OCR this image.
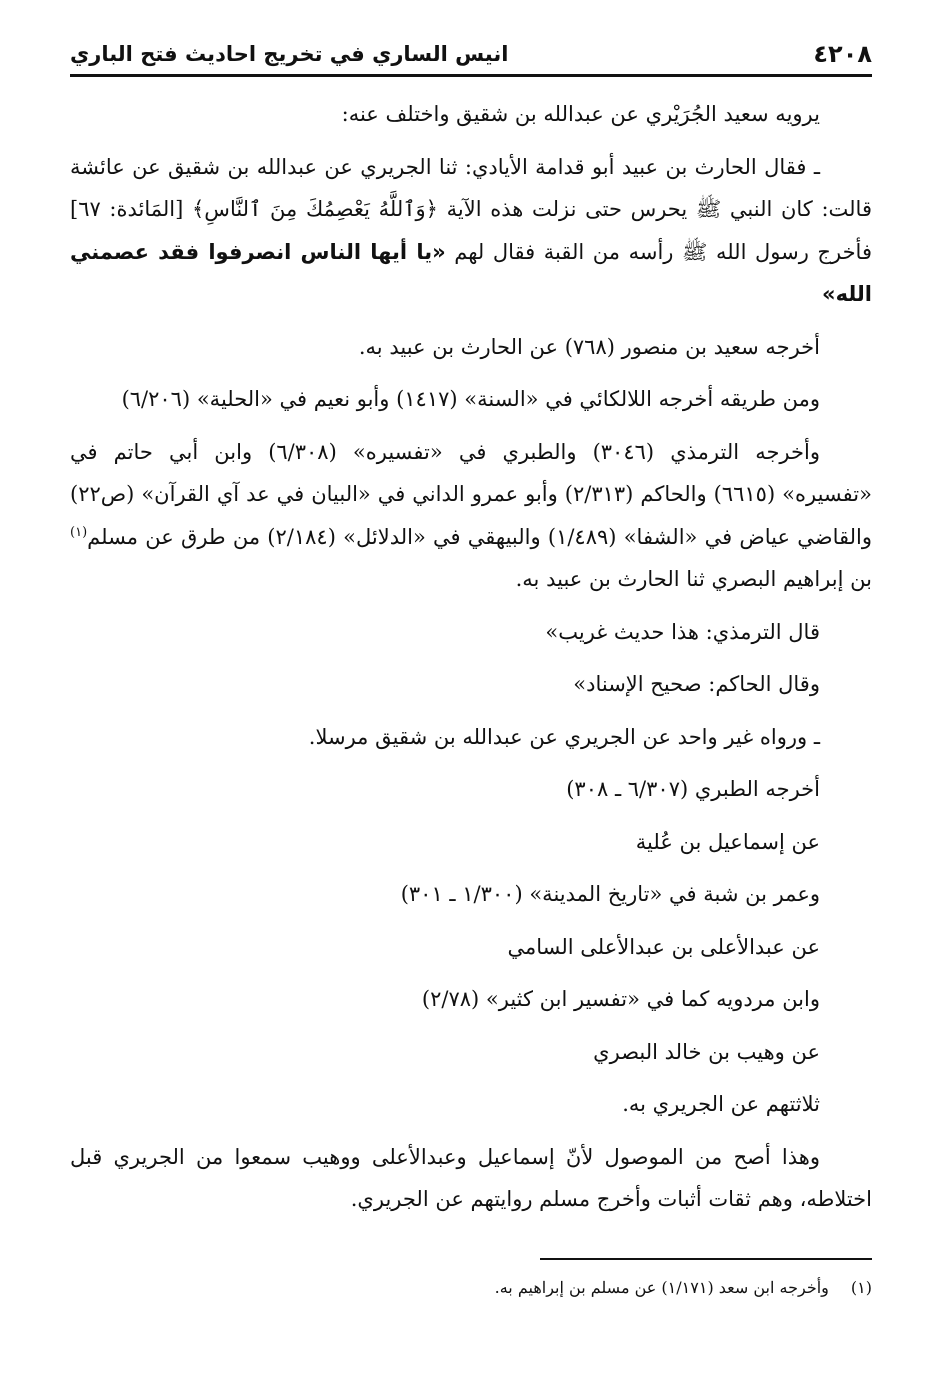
٤٢٠٨
انيس الساري في تخريج احاديث فتح الباري

يرويه سعيد الجُرَيْري عن عبدالله بن شقيق واختلف عنه:

ـ فقال الحارث بن عبيد أبو قدامة الأيادي: ثنا الجريري عن عبدالله بن شقيق عن عائشة قالت: كان النبي ﷺ يحرس حتى نزلت هذه الآية ﴿وَٱللَّهُ يَعْصِمُكَ مِنَ ٱلنَّاسِ﴾ [المَائدة: ٦٧] فأخرج رسول الله ﷺ رأسه من القبة فقال لهم «يا أيها الناس انصرفوا فقد عصمني الله»

أخرجه سعيد بن منصور (٧٦٨) عن الحارث بن عبيد به.

ومن طريقه أخرجه اللالكائي في «السنة» (١٤١٧) وأبو نعيم في «الحلية» (٦/٢٠٦)

وأخرجه الترمذي (٣٠٤٦) والطبري في «تفسيره» (٦/٣٠٨) وابن أبي حاتم في «تفسيره» (٦٦١٥) والحاكم (٢/٣١٣) وأبو عمرو الداني في «البيان في عد آي القرآن» (ص٢٢) والقاضي عياض في «الشفا» (١/٤٨٩) والبيهقي في «الدلائل» (٢/١٨٤) من طرق عن مسلم$^{(١)}$ بن إبراهيم البصري ثنا الحارث بن عبيد به.

قال الترمذي: هذا حديث غريب»

وقال الحاكم: صحيح الإسناد»

ـ ورواه غير واحد عن الجريري عن عبدالله بن شقيق مرسلا.

أخرجه الطبري (٦/٣٠٧ ـ ٣٠٨)

عن إسماعيل بن عُلية

وعمر بن شبة في «تاريخ المدينة» (١/٣٠٠ ـ ٣٠١)

عن عبدالأعلى بن عبدالأعلى السامي

وابن مردويه كما في «تفسير ابن كثير» (٢/٧٨)

عن وهيب بن خالد البصري

ثلاثتهم عن الجريري به.

وهذا أصح من الموصول لأنّ إسماعيل وعبدالأعلى ووهيب سمعوا من الجريري قبل اختلاطه، وهم ثقات أثبات وأخرج مسلم روايتهم عن الجريري.

(١)
وأخرجه ابن سعد (١/١٧١) عن مسلم بن إبراهيم به.
